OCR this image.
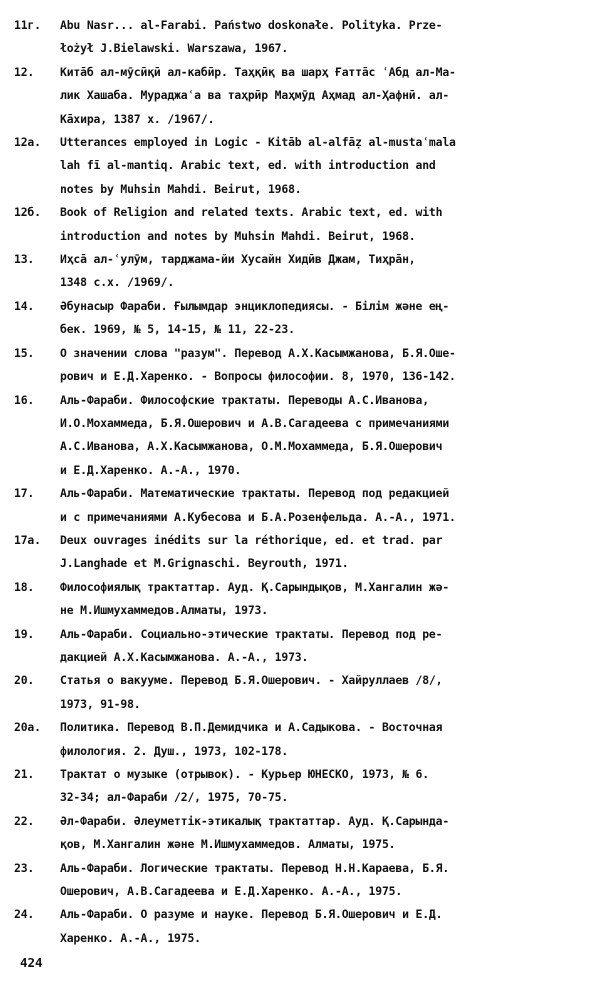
11г.	Abu Nasr... al-Farabi. Państwo doskonałe. Polityka. Prze-
łożył J.Bielawski. Warszawa, 1967.
12.	Китāб ал-мӯсӣқӣ ал-кабӣр. Таҳқӣқ ва шарҳ Ғаттāс ʿАбд ал-Ма-
лик Хашаба. Мураджаʿа ва таҳрӣр Маҳмӯд Аҳмад ал-Ҳафнӣ. ал-
Кāхира, 1387 х. /1967/.
12а.	Utterances employed in Logic - Kitāb al-alfāẓ al-mustaʿmala
lah fī al-mantiq. Arabic text, ed. with introduction and
notes by Muhsin Mahdi. Beirut, 1968.
12б.	Book of Religion and related texts. Arabic text, ed. with
introduction and notes by Muhsin Mahdi. Beirut, 1968.
13.	Иҳсā ал-ʿулӯм, тарджама-йи Хусайн Хидӣв Джам, Тиҳрāн,
1348 с.х. /1969/.
14.	Әбунасыр Фараби. Ғылымдар энциклопедиясы. - Білім және ең-
бек. 1969, № 5, 14-15, № 11, 22-23.
15.	О значении слова "разум". Перевод А.Х.Касымжанова, Б.Я.Ошe-
рович и Е.Д.Харенко. - Вопросы философии. 8, 1970, 136-142.
16.	Аль-Фараби. Философские трактаты. Переводы А.С.Иванова,
И.О.Мохаммеда, Б.Я.Ошерович и А.В.Сагадеева с примечаниями
А.С.Иванова, А.Х.Касымжанова, О.М.Мохаммеда, Б.Я.Ошерович
и Е.Д.Харенко. А.-А., 1970.
17.	Аль-Фараби. Математические трактаты. Перевод под редакцией
и с примечаниями А.Кубесова и Б.А.Розенфельда. А.-А., 1971.
17а.	Deux ouvrages inédits sur la réthorique, ed. et trad. par
J.Langhade et M.Grignaschi. Beyrouth, 1971.
18.	Философиялық трактаттар. Ауд. Қ.Сарындықов, М.Хангалин жә-
не М.Ишмухаммедов.Алматы, 1973.
19.	Аль-Фараби. Социально-этические трактаты. Перевод под ре-
дакцией А.Х.Касымжанова. А.-А., 1973.
20.	Статья о вакууме. Перевод Б.Я.Ошерович. - Хайруллаев /8/,
1973, 91-98.
20а.	Политика. Перевод В.П.Демидчика и А.Садыкова. - Восточная
филология. 2. Душ., 1973, 102-178.
21.	Трактат о музыке (отрывок). - Курьер ЮНЕСКО, 1973, № 6.
32-34; ал-Фараби /2/, 1975, 70-75.
22.	Әл-Фараби. Әлеуметтік-этикалық трактаттар. Ауд. Қ.Сарындa-
қов, М.Хангалин және М.Ишмухаммедов. Алматы, 1975.
23.	Аль-Фараби. Логические трактаты. Перевод Н.Н.Караева, Б.Я.
Ошерович, А.В.Сагадеева и Е.Д.Харенко. А.-А., 1975.
24.	Аль-Фараби. О разуме и науке. Перевод Б.Я.Ошерович и Е.Д.
Харенко. А.-А., 1975.
424
